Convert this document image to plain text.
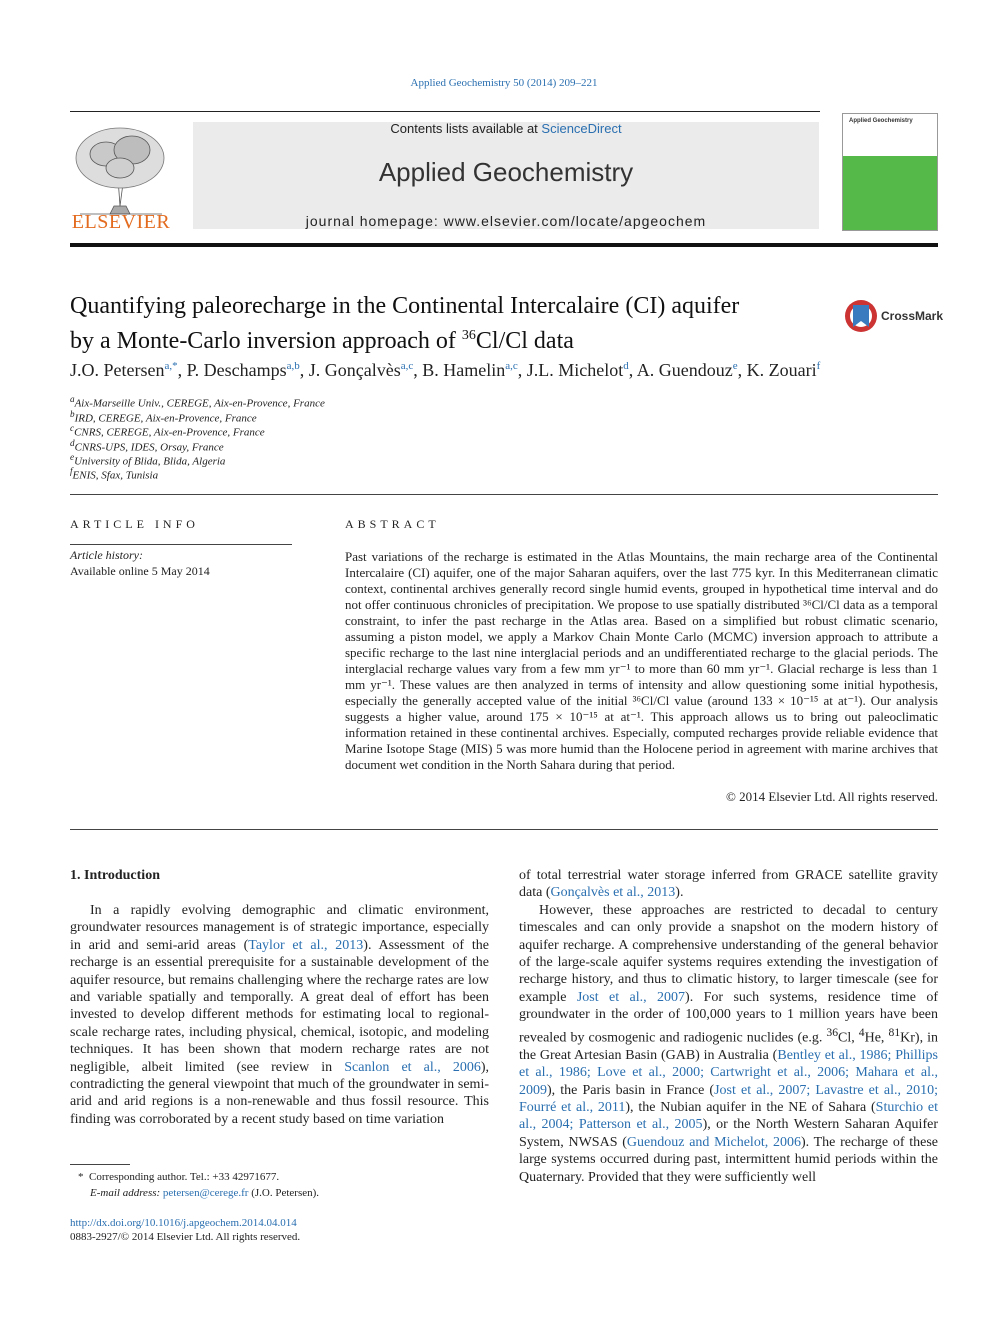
Applied Geochemistry 50 (2014) 209–221
ELSEVIER
Contents lists available at ScienceDirect
Applied Geochemistry
journal homepage: www.elsevier.com/locate/apgeochem
Applied Geochemistry
Quantifying paleorecharge in the Continental Intercalaire (CI) aquifer
by a Monte-Carlo inversion approach of $^{36}$Cl/Cl data
CrossMark
J.O. Petersen$^{a,*}$, P. Deschamps$^{a,b}$, J. Gonçalvès$^{a,c}$, B. Hamelin$^{a,c}$, J.L. Michelot$^d$, A. Guendouz$^e$, K. Zouari$^f$
$^a$Aix-Marseille Univ., CEREGE, Aix-en-Provence, France
$^b$IRD, CEREGE, Aix-en-Provence, France
$^c$CNRS, CEREGE, Aix-en-Provence, France
$^d$CNRS-UPS, IDES, Orsay, France
$^e$University of Blida, Blida, Algeria
$^f$ENIS, Sfax, Tunisia
ARTICLE INFO
Article history:
Available online 5 May 2014
ABSTRACT
Past variations of the recharge is estimated in the Atlas Mountains, the main recharge area of the Continental Intercalaire (CI) aquifer, one of the major Saharan aquifers, over the last 775 kyr. In this Mediterranean climatic context, continental archives generally record single humid events, grouped in hypothetical time interval and do not offer continuous chronicles of precipitation. We propose to use spatially distributed ³⁶Cl/Cl data as a temporal constraint, to infer the past recharge in the Atlas area. Based on a simplified but robust climatic scenario, assuming a piston model, we apply a Markov Chain Monte Carlo (MCMC) inversion approach to attribute a specific recharge to the last nine interglacial periods and an undifferentiated recharge to the glacial periods. The interglacial recharge values vary from a few mm yr⁻¹ to more than 60 mm yr⁻¹. Glacial recharge is less than 1 mm yr⁻¹. These values are then analyzed in terms of intensity and allow questioning some initial hypothesis, especially the generally accepted value of the initial ³⁶Cl/Cl value (around 133 × 10⁻¹⁵ at at⁻¹). Our analysis suggests a higher value, around 175 × 10⁻¹⁵ at at⁻¹. This approach allows us to bring out paleoclimatic information retained in these continental archives. Especially, computed recharges provide reliable evidence that Marine Isotope Stage (MIS) 5 was more humid than the Holocene period in agreement with marine archives that document wet condition in the North Sahara during that period.
© 2014 Elsevier Ltd. All rights reserved.
1. Introduction
In a rapidly evolving demographic and climatic environment, groundwater resources management is of strategic importance, especially in arid and semi-arid areas (Taylor et al., 2013). Assessment of the recharge is an essential prerequisite for a sustainable development of the aquifer resource, but remains challenging where the recharge rates are low and variable spatially and temporally. A great deal of effort has been invested to develop different methods for estimating local to regional-scale recharge rates, including physical, chemical, isotopic, and modeling techniques. It has been shown that modern recharge rates are not negligible, albeit limited (see review in Scanlon et al., 2006), contradicting the general viewpoint that much of the groundwater in semi-arid and arid regions is a non-renewable and thus fossil resource. This finding was corroborated by a recent study based on time variation

of total terrestrial water storage inferred from GRACE satellite gravity data (Gonçalvès et al., 2013).

However, these approaches are restricted to decadal to century timescales and can only provide a snapshot on the modern history of aquifer recharge. A comprehensive understanding of the general behavior of the large-scale aquifer systems requires extending the investigation of recharge history, and thus to climatic history, to larger timescale (see for example Jost et al., 2007). For such systems, residence time of groundwater in the order of 100,000 years to 1 million years have been revealed by cosmogenic and radiogenic nuclides (e.g. $^{36}$Cl, $^4$He, $^{81}$Kr), in the Great Artesian Basin (GAB) in Australia (Bentley et al., 1986; Phillips et al., 1986; Love et al., 2000; Cartwright et al., 2006; Mahara et al., 2009), the Paris basin in France (Jost et al., 2007; Lavastre et al., 2010; Fourré et al., 2011), the Nubian aquifer in the NE of Sahara (Sturchio et al., 2004; Patterson et al., 2005), or the North Western Saharan Aquifer System, NWSAS (Guendouz and Michelot, 2006). The recharge of these large systems occurred during past, intermittent humid periods within the Quaternary. Provided that they were sufficiently well

*  Corresponding author. Tel.: +33 42971677.
E-mail address: petersen@cerege.fr (J.O. Petersen).
http://dx.doi.org/10.1016/j.apgeochem.2014.04.014
0883-2927/© 2014 Elsevier Ltd. All rights reserved.
